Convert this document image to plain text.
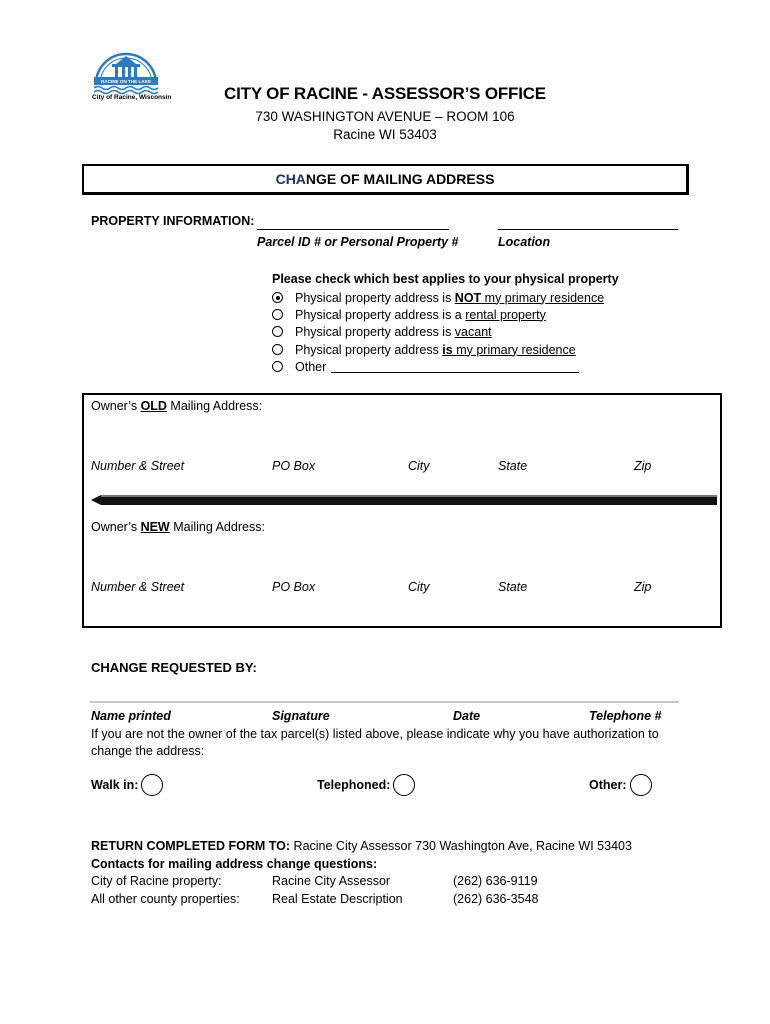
RACINE ON THE LAKE
City of Racine, Wisconsin	CITY OF RACINE - ASSESSOR’S OFFICE
730 WASHINGTON AVENUE – ROOM 106
Racine WI 53403
CHANGE OF MAILING ADDRESS
PROPERTY INFORMATION:
Parcel ID # or Personal Property #	Location
Please check which best applies to your physical property
Physical property address is NOT my primary residence
Physical property address is a rental property
Physical property address is vacant
Physical property address is my primary residence
Other
Owner’s OLD Mailing Address:
Number & Street	PO Box	City	State	Zip
Owner’s NEW Mailing Address:
Number & Street	PO Box	City	State	Zip
CHANGE REQUESTED BY:
Name printed	Signature	Date	Telephone #
If you are not the owner of the tax parcel(s) listed above, please indicate why you have authorization to change the address:
Walk in:	Telephoned:	Other:
RETURN COMPLETED FORM TO: Racine City Assessor 730 Washington Ave, Racine WI 53403
Contacts for mailing address change questions:
City of Racine property:	Racine City Assessor	(262) 636-9119
All other county properties:	Real Estate Description	(262) 636-3548
